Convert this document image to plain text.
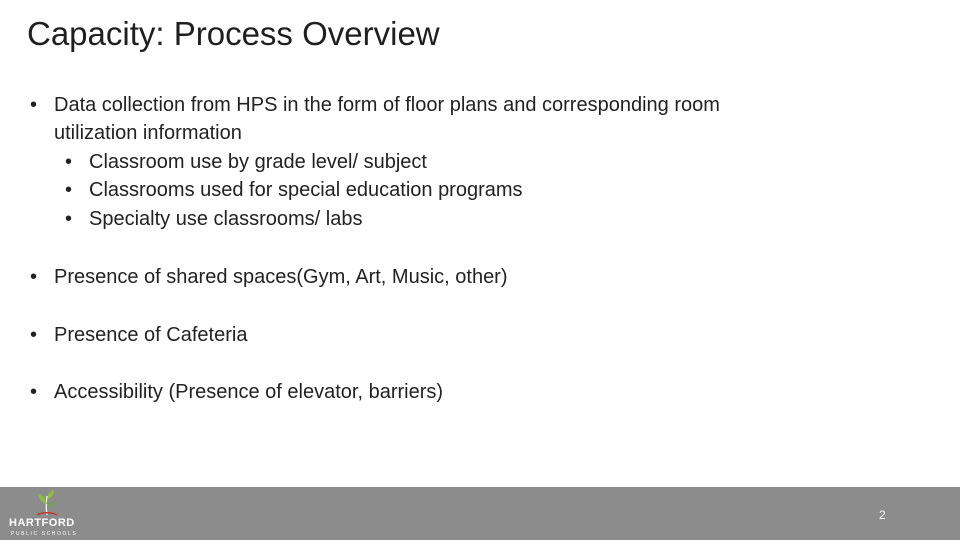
Capacity: Process Overview
• Data collection from HPS in the form of floor plans and corresponding room
utilization information
• Classroom use by grade level/ subject
• Classrooms used for special education programs
• Specialty use classrooms/ labs
• Presence of shared spaces(Gym, Art, Music, other)
• Presence of Cafeteria
• Accessibility (Presence of elevator, barriers)
HARTFORD
PUBLIC SCHOOLS
2
